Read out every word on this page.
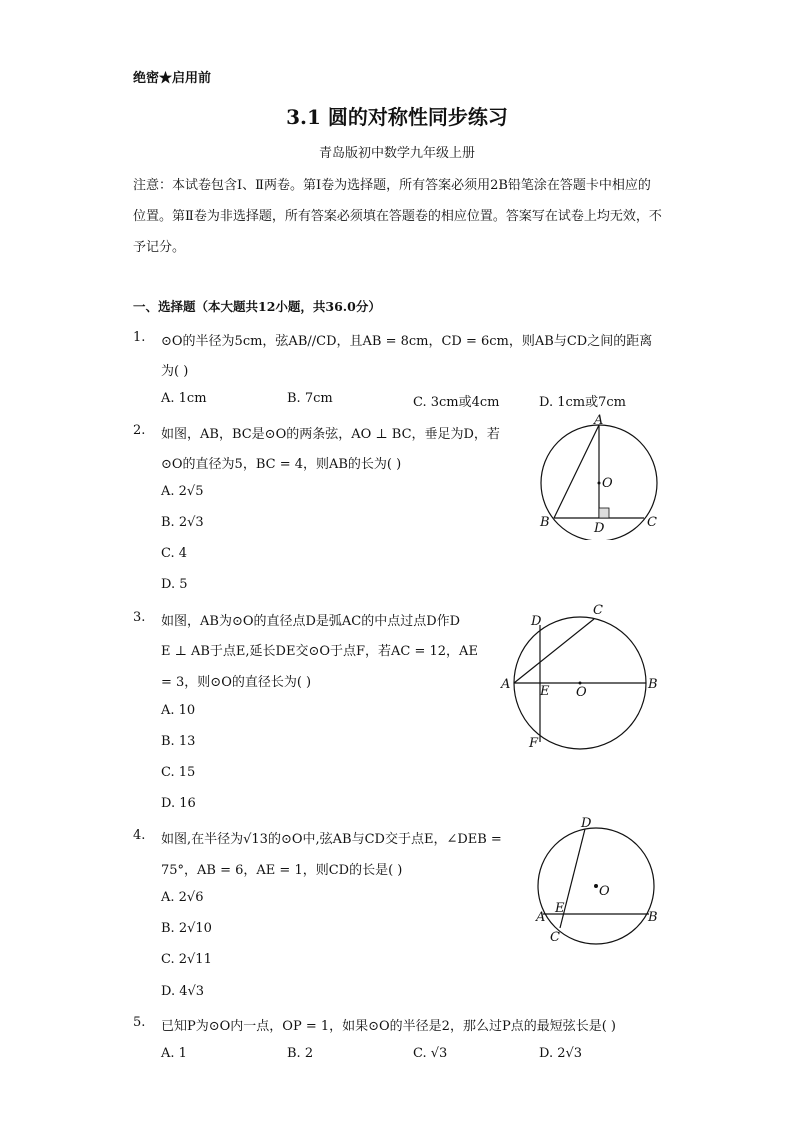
绝密★启用前
3.1 圆的对称性同步练习
青岛版初中数学九年级上册
注意：本试卷包含Ⅰ、Ⅱ两卷。第Ⅰ卷为选择题，所有答案必须用2B铅笔涂在答题卡中相应的位置。第Ⅱ卷为非选择题，所有答案必须填在答题卷的相应位置。答案写在试卷上均无效，不予记分。
一、选择题（本大题共12小题，共36.0分）
1. ⊙O的半径为5cm，弦AB//CD，且AB = 8cm，CD = 6cm，则AB与CD之间的距离
为( )
A. 1cm	B. 7cm	C. 3cm或4cm	D. 1cm或7cm
2. 如图，AB，BC是⊙O的两条弦，AO ⊥ BC，垂足为D，若
⊙O的直径为5，BC = 4，则AB的长为( )
A. 2√5
B. 2√3
C. 4
D. 5
A
O
B	D	C
3. 如图，AB为⊙O的直径点D是弧AC的中点过点D作D
E ⊥ AB于点E,延长DE交⊙O于点F，若AC = 12，AE
= 3，则⊙O的直径长为( )
A. 10
B. 13
C. 15
D. 16
D
C
A E O
B
F
4. 如图,在半径为√13的⊙O中,弦AB与CD交于点E，∠DEB =
75°，AB = 6，AE = 1，则CD的长是( )
A. 2√6
B. 2√10
C. 2√11
D. 4√3
D
O
A
E
B
C
5. 已知P为⊙O内一点，OP = 1，如果⊙O的半径是2，那么过P点的最短弦长是( )
A. 1	B. 2	C. √3	D. 2√3
